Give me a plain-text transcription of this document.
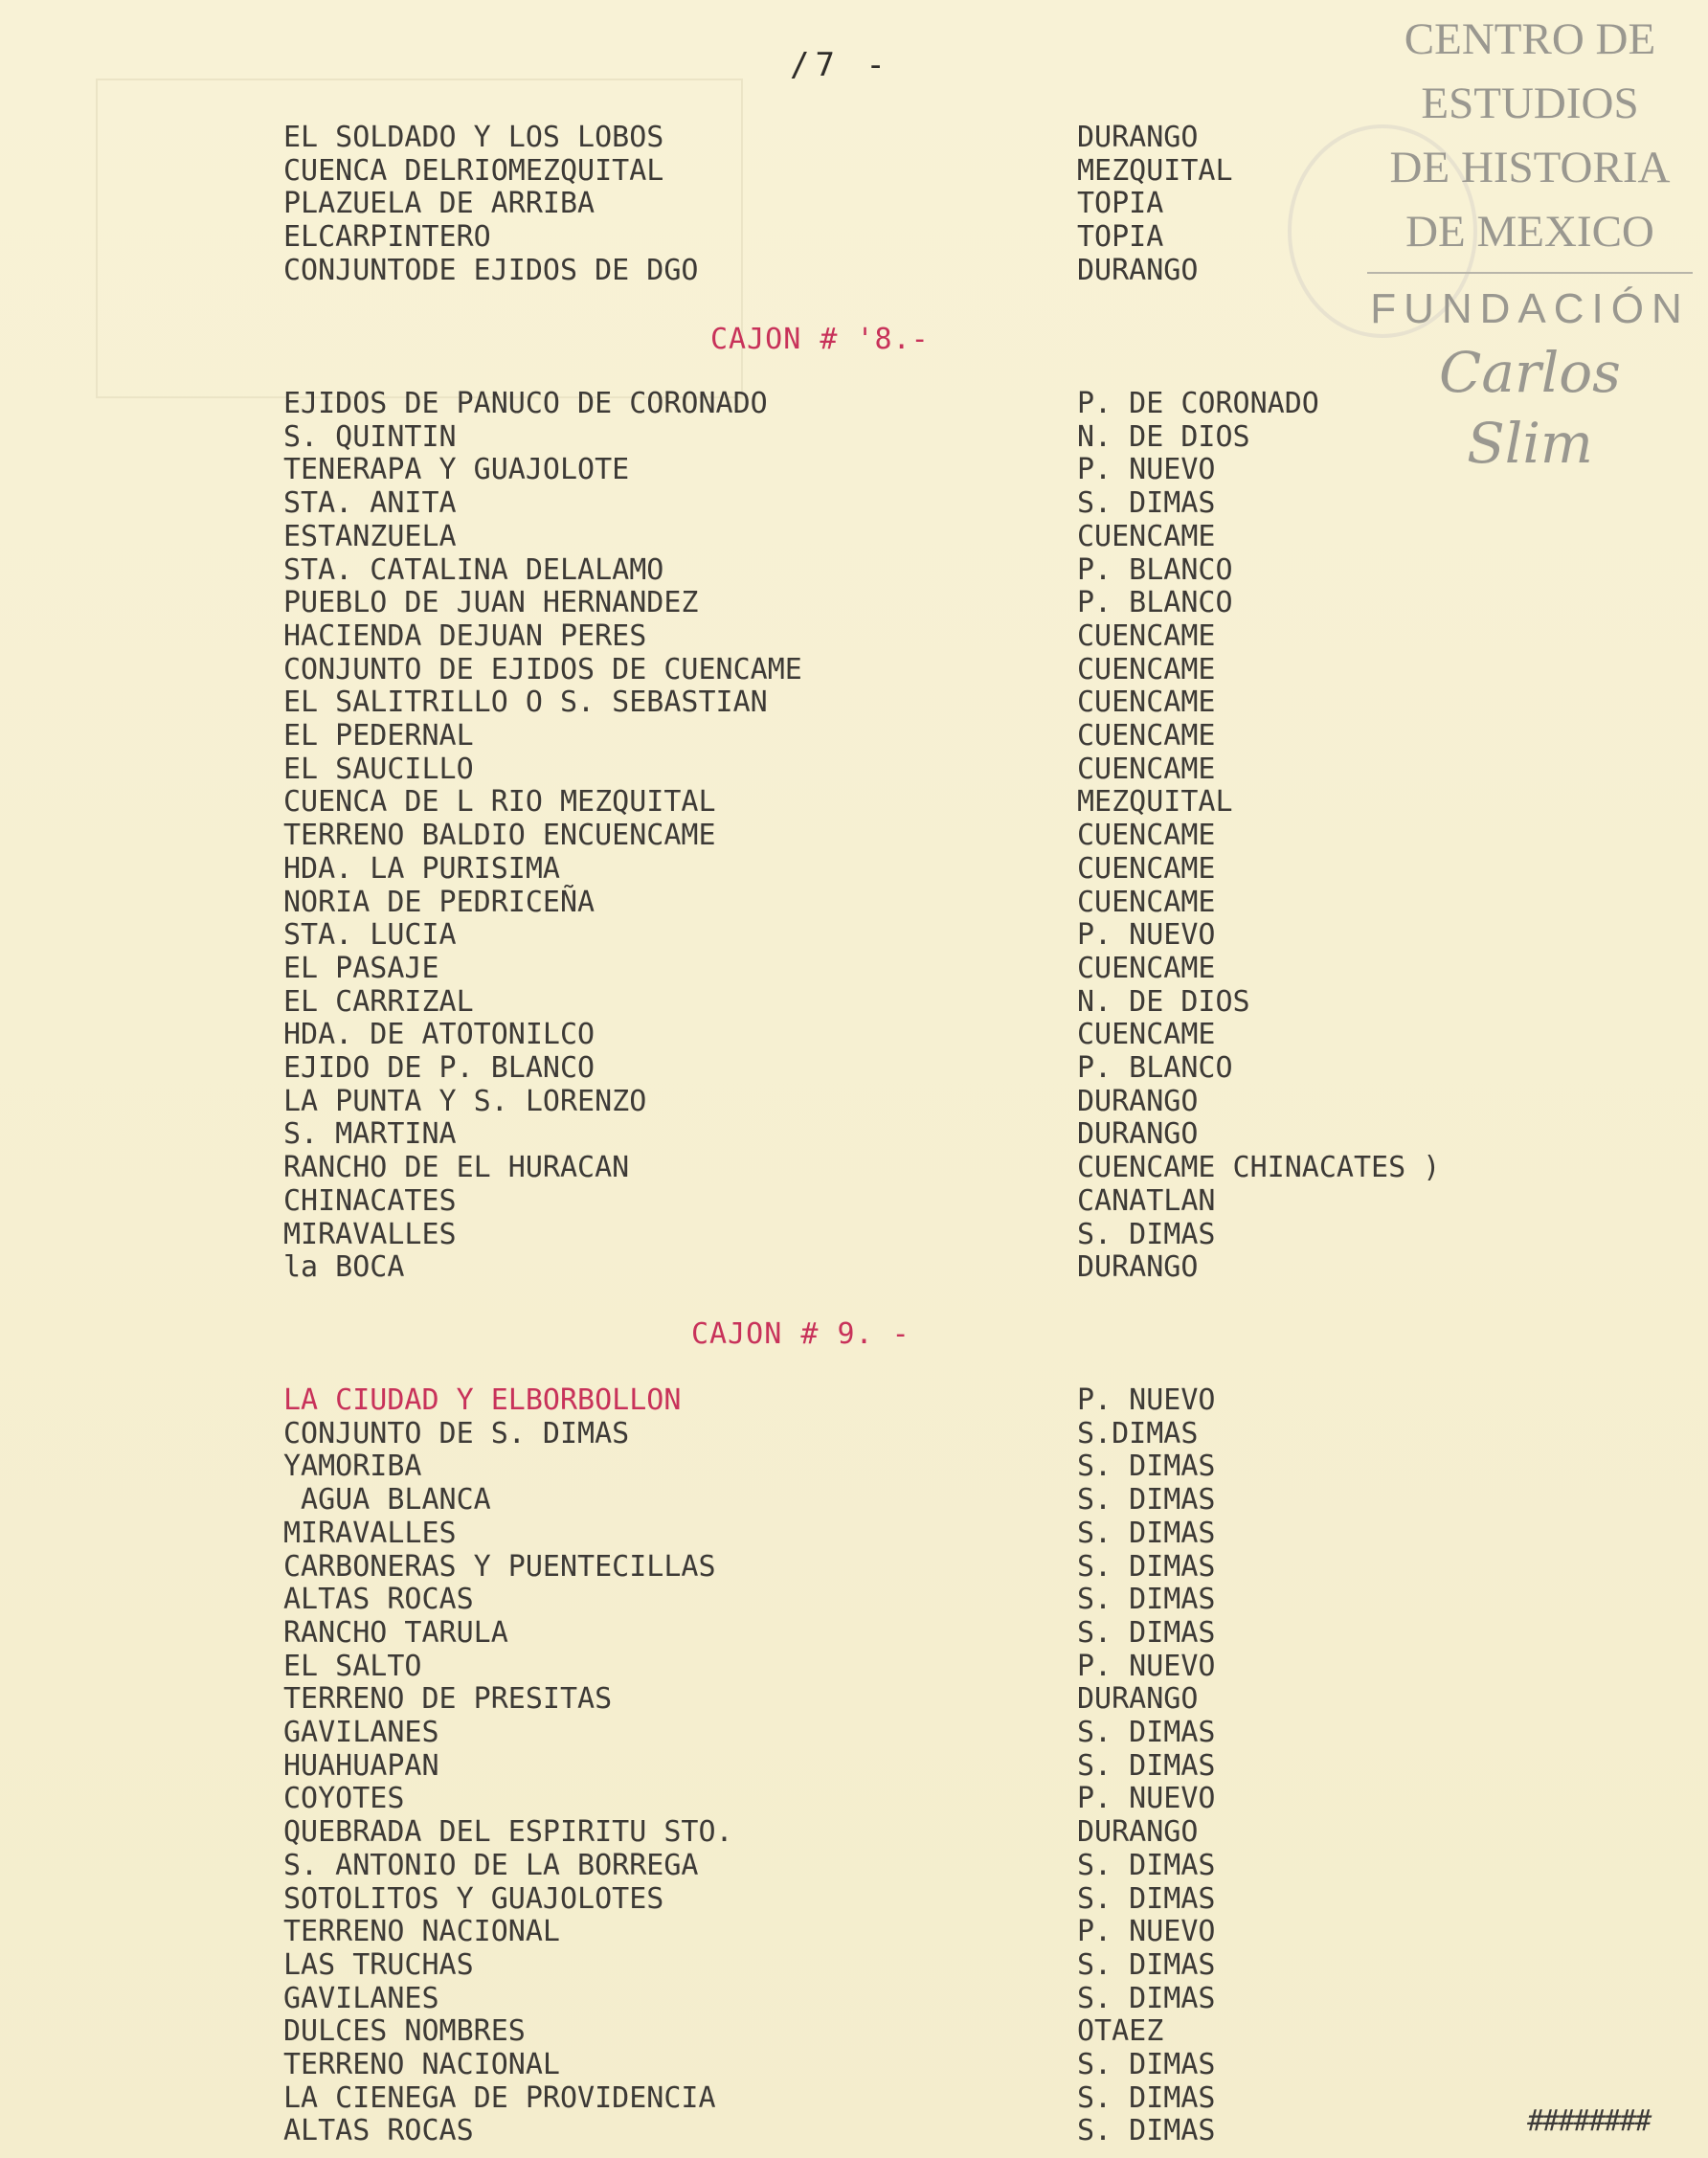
/7 -
CENTRO DE
ESTUDIOS
DE HISTORIA
DE MEXICO
FUNDACIÓN
Carlos Slim
EL SOLDADO Y LOS LOBOS	DURANGO
CUENCA DELRIOMEZQUITAL	MEZQUITAL
PLAZUELA DE ARRIBA	TOPIA
ELCARPINTERO	TOPIA
CONJUNTODE EJIDOS DE DGO	DURANGO
EJIDOS DE PANUCO DE CORONADO	P. DE CORONADO
S. QUINTIN	N. DE DIOS
TENERAPA Y GUAJOLOTE	P. NUEVO
STA. ANITA	S. DIMAS
ESTANZUELA	CUENCAME
STA. CATALINA DELALAMO	P. BLANCO
PUEBLO DE JUAN HERNANDEZ	P. BLANCO
HACIENDA DEJUAN PERES	CUENCAME
CONJUNTO DE EJIDOS DE CUENCAME	CUENCAME
EL SALITRILLO O S. SEBASTIAN	CUENCAME
EL PEDERNAL	CUENCAME
EL SAUCILLO	CUENCAME
CUENCA DE L RIO MEZQUITAL	MEZQUITAL
TERRENO BALDIO ENCUENCAME	CUENCAME
HDA. LA PURISIMA	CUENCAME
NORIA DE PEDRICEÑA	CUENCAME
STA. LUCIA	P. NUEVO
EL PASAJE	CUENCAME
EL CARRIZAL	N. DE DIOS
HDA. DE ATOTONILCO	CUENCAME
EJIDO DE P. BLANCO	P. BLANCO
LA PUNTA Y S. LORENZO	DURANGO
S. MARTINA	DURANGO
RANCHO DE EL HURACAN	CUENCAME CHINACATES )
CHINACATES	CANATLAN
MIRAVALLES	S. DIMAS
la BOCA	DURANGO
LA CIUDAD Y ELBORBOLLON	P. NUEVO
CONJUNTO DE S. DIMAS	S.DIMAS
YAMORIBA	S. DIMAS
AGUA BLANCA	S. DIMAS
MIRAVALLES	S. DIMAS
CARBONERAS Y PUENTECILLAS	S. DIMAS
ALTAS ROCAS	S. DIMAS
RANCHO TARULA	S. DIMAS
EL SALTO	P. NUEVO
TERRENO DE PRESITAS	DURANGO
GAVILANES	S. DIMAS
HUAHUAPAN	S. DIMAS
COYOTES	P. NUEVO
QUEBRADA DEL ESPIRITU STO.	DURANGO
S. ANTONIO DE LA BORREGA	S. DIMAS
SOTOLITOS Y GUAJOLOTES	S. DIMAS
TERRENO NACIONAL	P. NUEVO
LAS TRUCHAS	S. DIMAS
GAVILANES	S. DIMAS
DULCES NOMBRES	OTAEZ
TERRENO NACIONAL	S. DIMAS
LA CIENEGA DE PROVIDENCIA	S. DIMAS
ALTAS ROCAS	S. DIMAS
CAJON # '8.-
CAJON # 9. -
########
